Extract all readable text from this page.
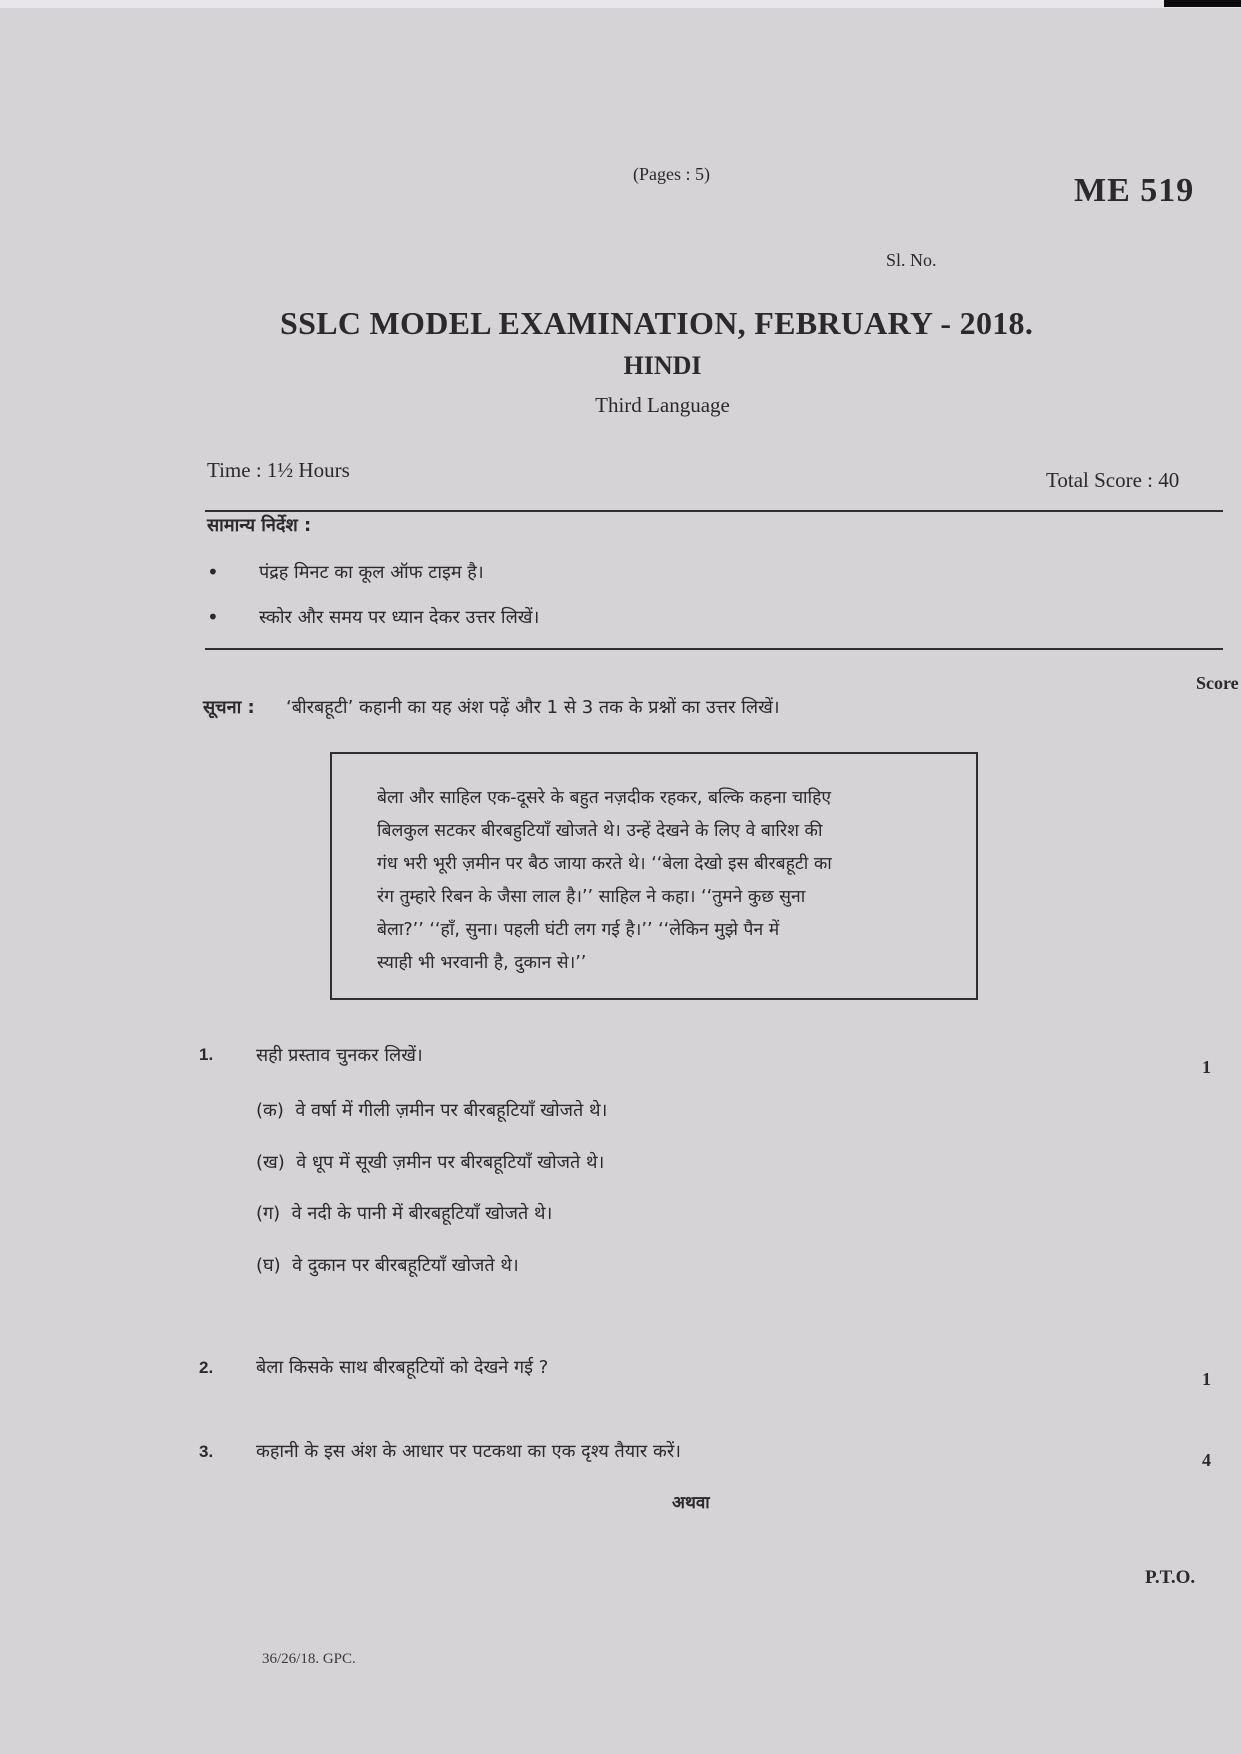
(Pages : 5)	ME 519
Sl. No.
SSLC MODEL EXAMINATION, FEBRUARY - 2018.
HINDI
Third Language
Time : 1½ Hours	Total Score : 40
सामान्य निर्देश :
• पंद्रह मिनट का कूल ऑफ टाइम है।
• स्कोर और समय पर ध्यान देकर उत्तर लिखें।
Score
सूचना : ‘बीरबहूटी’ कहानी का यह अंश पढ़ें और 1 से 3 तक के प्रश्नों का उत्तर लिखें।

बेला और साहिल एक-दूसरे के बहुत नज़दीक रहकर, बल्कि कहना चाहिए

बिलकुल सटकर बीरबहुटियाँ खोजते थे। उन्हें देखने के लिए वे बारिश की

गंध भरी भूरी ज़मीन पर बैठ जाया करते थे। ‘‘बेला देखो इस बीरबहूटी का

रंग तुम्हारे रिबन के जैसा लाल है।’’ साहिल ने कहा। ‘‘तुमने कुछ सुना

बेला?’’ ‘‘हाँ, सुना। पहली घंटी लग गई है।’’ ‘‘लेकिन मुझे पैन में

स्याही भी भरवानी है, दुकान से।’’

1. सही प्रस्ताव चुनकर लिखें।
1
(क) वे वर्षा में गीली ज़मीन पर बीरबहूटियाँ खोजते थे।
(ख) वे धूप में सूखी ज़मीन पर बीरबहूटियाँ खोजते थे।
(ग) वे नदी के पानी में बीरबहूटियाँ खोजते थे।
(घ) वे दुकान पर बीरबहूटियाँ खोजते थे।
2. बेला किसके साथ बीरबहूटियों को देखने गई ?
1
3. कहानी के इस अंश के आधार पर पटकथा का एक दृश्य तैयार करें।	4
अथवा
P.T.O.
36/26/18. GPC.
